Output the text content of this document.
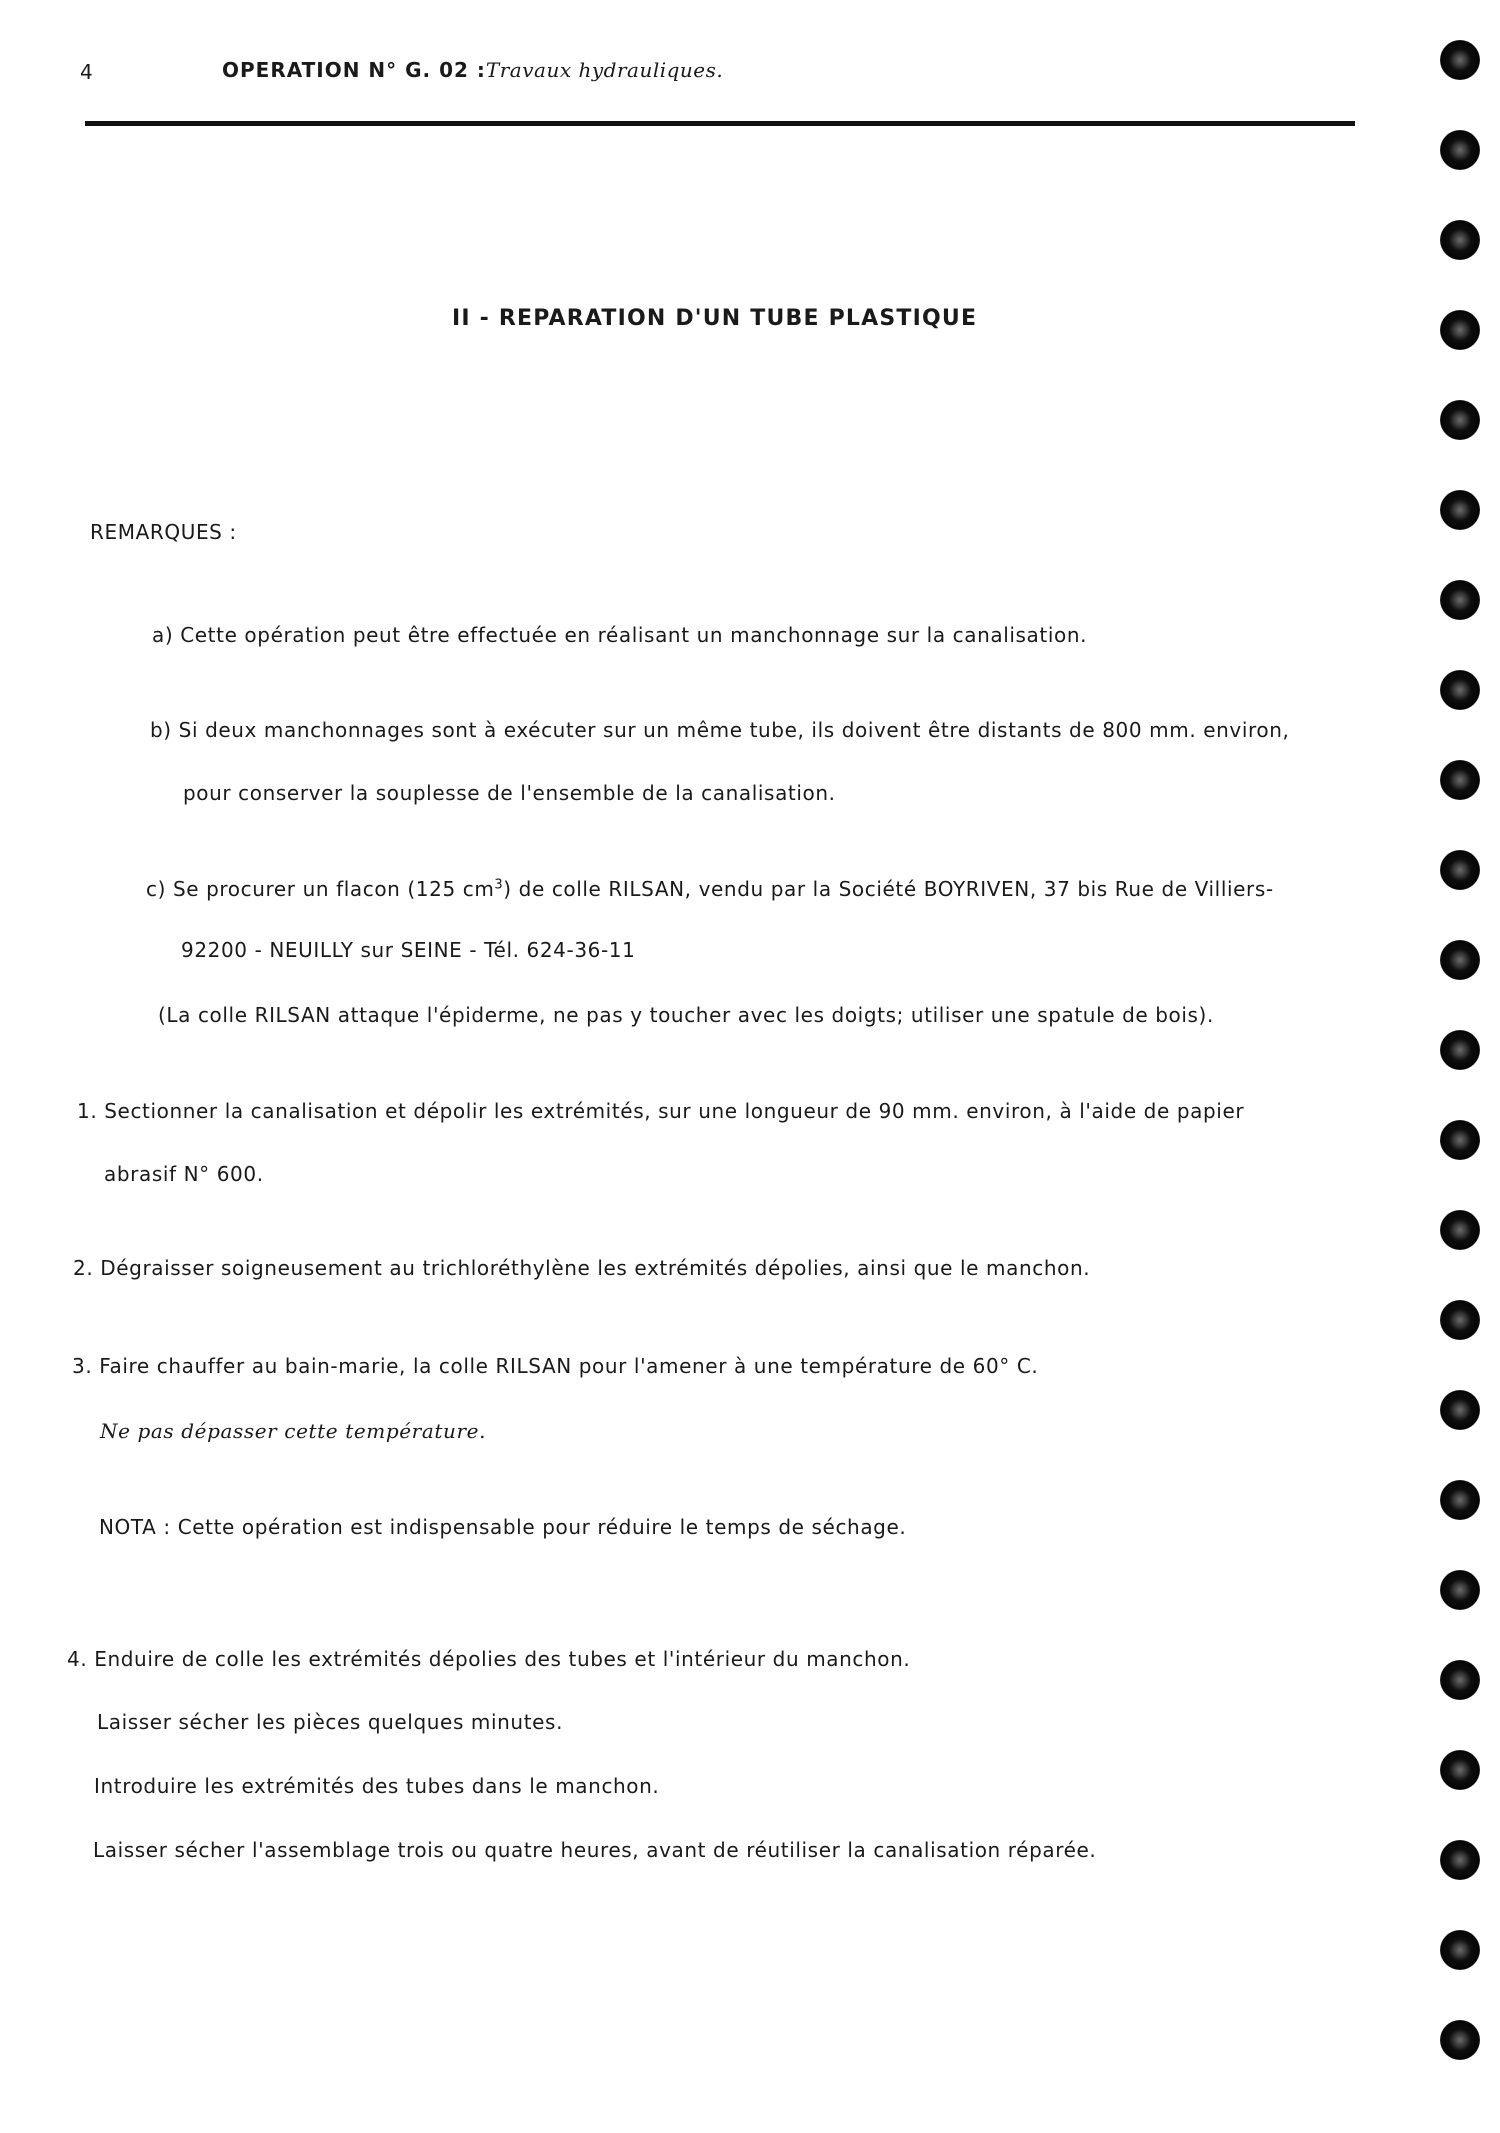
4	OPERATION N° G. 02 :Travaux hydrauliques.
II - REPARATION D'UN TUBE PLASTIQUE
REMARQUES :
a) Cette opération peut être effectuée en réalisant un manchonnage sur la canalisation.
b) Si deux manchonnages sont à exécuter sur un même tube, ils doivent être distants de 800 mm. environ,
pour conserver la souplesse de l'ensemble de la canalisation.
c) Se procurer un flacon (125 $cm^3$) de colle RILSAN, vendu par la Société BOYRIVEN, 37 bis Rue de Villiers-
92200 - NEUILLY sur SEINE - Tél. 624-36-11
(La colle RILSAN attaque l'épiderme, ne pas y toucher avec les doigts; utiliser une spatule de bois).
1. Sectionner la canalisation et dépolir les extrémités, sur une longueur de 90 mm. environ, à l'aide de papier
abrasif N° 600.
2. Dégraisser soigneusement au trichloréthylène les extrémités dépolies, ainsi que le manchon.
3. Faire chauffer au bain-marie, la colle RILSAN pour l'amener à une température de 60° C.
Ne pas dépasser cette température.
NOTA : Cette opération est indispensable pour réduire le temps de séchage.
4. Enduire de colle les extrémités dépolies des tubes et l'intérieur du manchon.
Laisser sécher les pièces quelques minutes.
Introduire les extrémités des tubes dans le manchon.
Laisser sécher l'assemblage trois ou quatre heures, avant de réutiliser la canalisation réparée.
